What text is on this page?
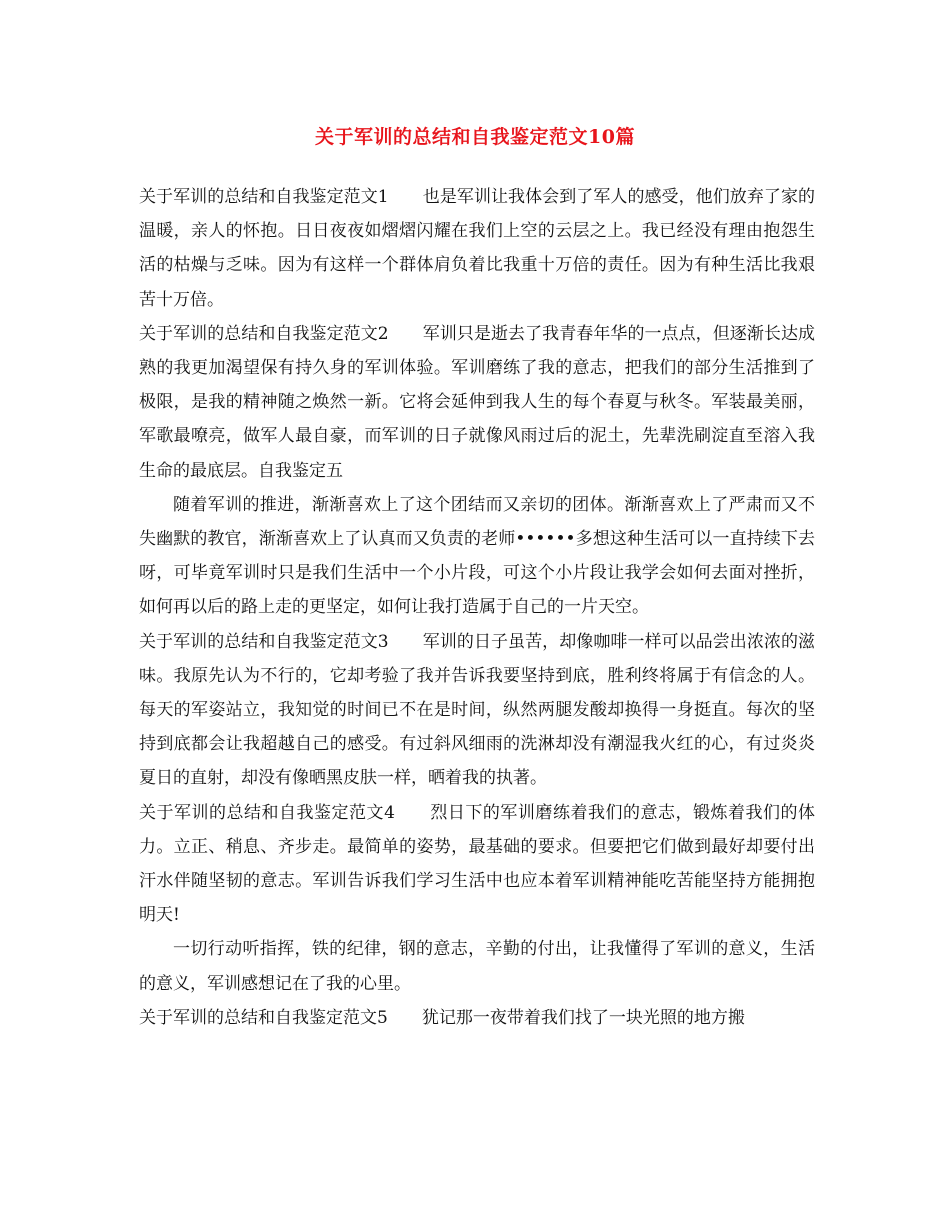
关于军训的总结和自我鉴定范文10篇

关于军训的总结和自我鉴定范文1　　 也是军训让我体会到了军人的感受，他们放弃了家的温暖，亲人的怀抱。日日夜夜如熠熠闪耀在我们上空的云层之上。我已经没有理由抱怨生活的枯燥与乏味。因为有这样一个群体肩负着比我重十万倍的责任。因为有种生活比我艰苦十万倍。

关于军训的总结和自我鉴定范文2　　 军训只是逝去了我青春年华的一点点，但逐渐长达成熟的我更加渴望保有持久身的军训体验。军训磨练了我的意志，把我们的部分生活推到了极限，是我的精神随之焕然一新。它将会延伸到我人生的每个春夏与秋冬。军装最美丽，军歌最嘹亮，做军人最自豪，而军训的日子就像风雨过后的泥土，先辈洗刷淀直至溶入我生命的最底层。自我鉴定五

随着军训的推进，渐渐喜欢上了这个团结而又亲切的团体。渐渐喜欢上了严肃而又不失幽默的教官，渐渐喜欢上了认真而又负责的老师••••••多想这种生活可以一直持续下去呀，可毕竟军训时只是我们生活中一个小片段，可这个小片段让我学会如何去面对挫折，如何再以后的路上走的更坚定，如何让我打造属于自己的一片天空。

关于军训的总结和自我鉴定范文3　　 军训的日子虽苦，却像咖啡一样可以品尝出浓浓的滋味。我原先认为不行的，它却考验了我并告诉我要坚持到底，胜利终将属于有信念的人。每天的军姿站立，我知觉的时间已不在是时间，纵然两腿发酸却换得一身挺直。每次的坚持到底都会让我超越自己的感受。有过斜风细雨的洗淋却没有潮湿我火红的心，有过炎炎夏日的直射，却没有像晒黑皮肤一样，晒着我的执著。

关于军训的总结和自我鉴定范文4　　 烈日下的军训磨练着我们的意志，锻炼着我们的体力。立正、稍息、齐步走。最简单的姿势，最基础的要求。但要把它们做到最好却要付出汗水伴随坚韧的意志。军训告诉我们学习生活中也应本着军训精神能吃苦能坚持方能拥抱明天!

一切行动听指挥，铁的纪律，钢的意志，辛勤的付出，让我懂得了军训的意义，生活的意义，军训感想记在了我的心里。

关于军训的总结和自我鉴定范文5　　 犹记那一夜带着我们找了一块光照的地方搬
